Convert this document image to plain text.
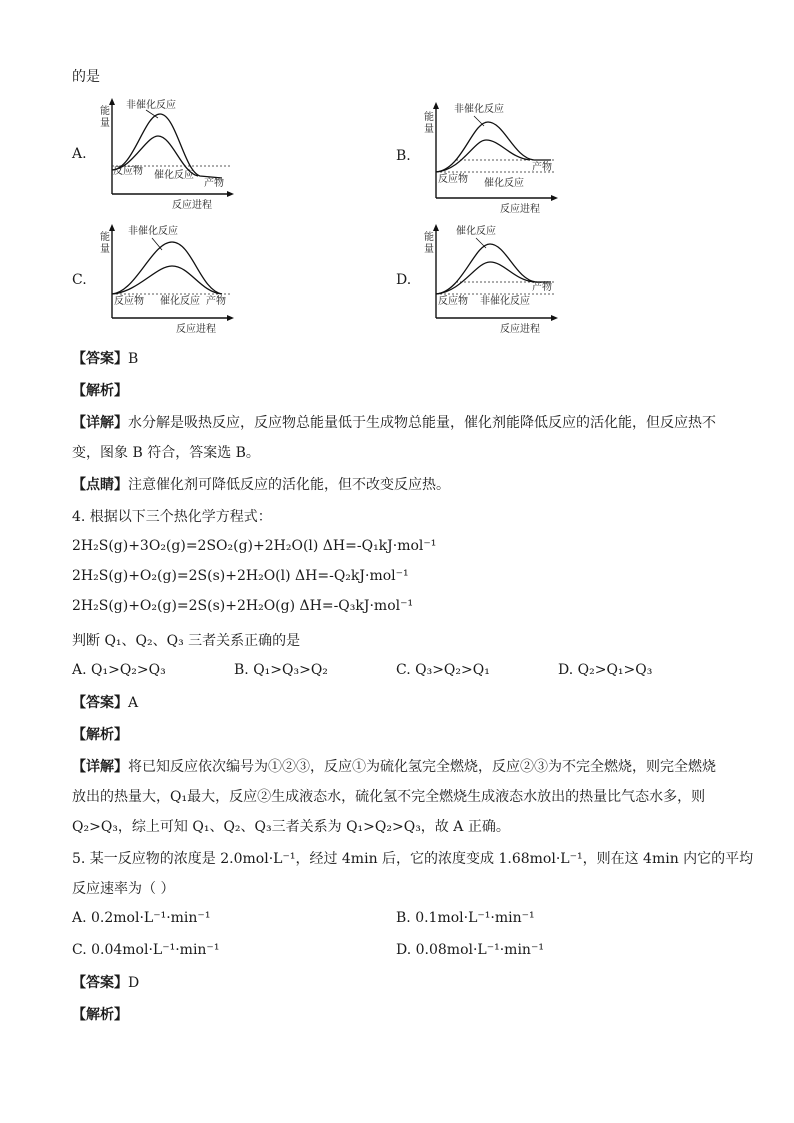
的是
A.
能
量
非催化反应
催化反应
反应物
产物
反应进程
B.
能
量
非催化反应
催化反应
反应物
产物
反应进程
C.
能
量
非催化反应
催化反应
反应物	产物
反应进程
D.
能
量
催化反应
非催化反应
反应物
产物
反应进程
【答案】B
【解析】
【详解】水分解是吸热反应，反应物总能量低于生成物总能量，催化剂能降低反应的活化能，但反应热不
变，图象 B 符合，答案选 B。
【点睛】注意催化剂可降低反应的活化能，但不改变反应热。
4. 根据以下三个热化学方程式：
2H₂S(g)+3O₂(g)=2SO₂(g)+2H₂O(l) ΔH=-Q₁kJ·mol⁻¹
2H₂S(g)+O₂(g)=2S(s)+2H₂O(l) ΔH=-Q₂kJ·mol⁻¹
2H₂S(g)+O₂(g)=2S(s)+2H₂O(g) ΔH=-Q₃kJ·mol⁻¹
判断 Q₁、Q₂、Q₃ 三者关系正确的是
A. Q₁>Q₂>Q₃	B. Q₁>Q₃>Q₂	C. Q₃>Q₂>Q₁	D. Q₂>Q₁>Q₃
【答案】A
【解析】
【详解】将已知反应依次编号为①②③，反应①为硫化氢完全燃烧，反应②③为不完全燃烧，则完全燃烧
放出的热量大，Q₁最大，反应②生成液态水，硫化氢不完全燃烧生成液态水放出的热量比气态水多，则
Q₂>Q₃，综上可知 Q₁、Q₂、Q₃三者关系为 Q₁>Q₂>Q₃，故 A 正确。
5. 某一反应物的浓度是 2.0mol·L⁻¹，经过 4min 后，它的浓度变成 1.68mol·L⁻¹，则在这 4min 内它的平均
反应速率为（ ）
A. 0.2mol·L⁻¹·min⁻¹	B. 0.1mol·L⁻¹·min⁻¹
C. 0.04mol·L⁻¹·min⁻¹	D. 0.08mol·L⁻¹·min⁻¹
【答案】D
【解析】
